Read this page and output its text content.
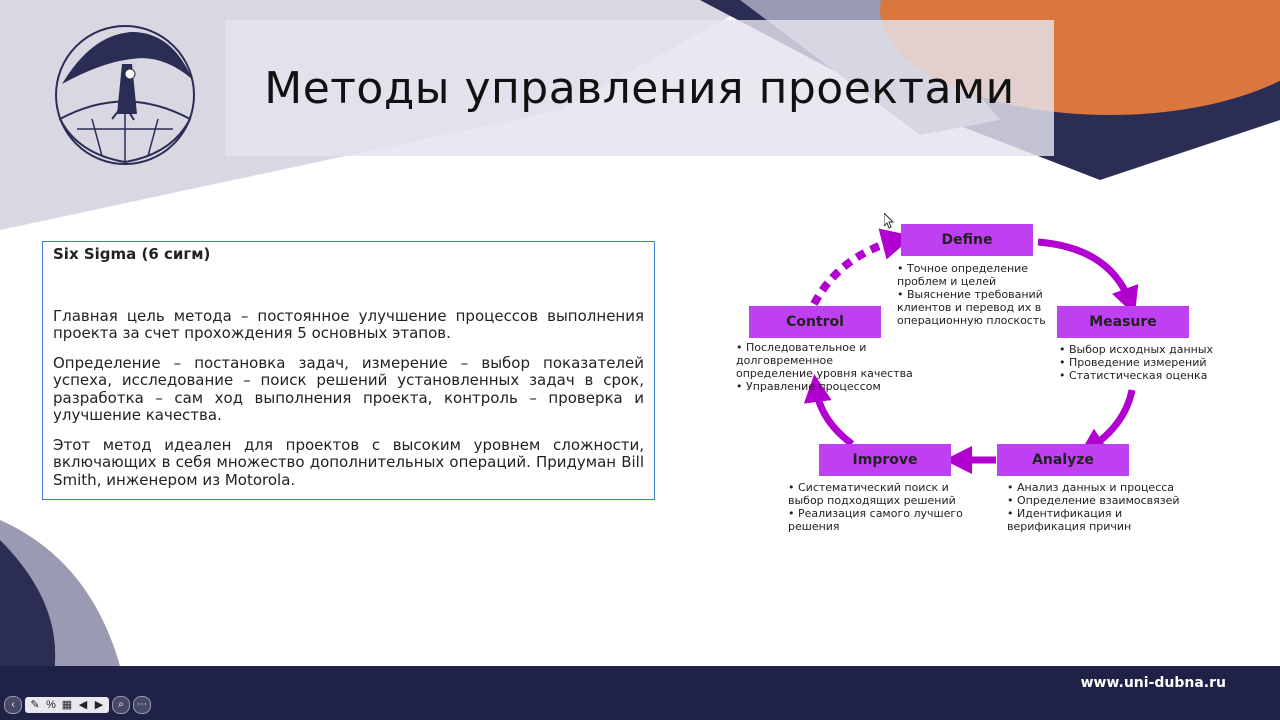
Методы управления проектами
Six Sigma (6 сигм)

Главная цель метода – постоянное улучшение процессов выполнения проекта за счет прохождения 5 основных этапов.

Определение – постановка задач, измерение – выбор показателей успеха, исследование – поиск решений установленных задач в срок, разработка – сам ход выполнения проекта, контроль – проверка и улучшение качества.

Этот метод идеален для проектов с высоким уровнем сложности, включающих в себя множество дополнительных операций. Придуман Bill Smith, инженером из Motorola.

Define
Measure
Analyze
Improve
Control
• Точное определение
проблем и целей
• Выяснение требований
клиентов и перевод их в
операционную плоскость
• Выбор исходных данных
• Проведение измерений
• Статистическая оценка
• Анализ данных и процесса
• Определение взаимосвязей
• Идентификация и
верификация причин
• Систематический поиск и
выбор подходящих решений
• Реализация самого лучшего
решения
• Последовательное и
долговременное
определение уровня качества
• Управление процессом
www.uni-dubna.ru
‹	✎ % ▦ ◀ ▶	⌕	⋯
